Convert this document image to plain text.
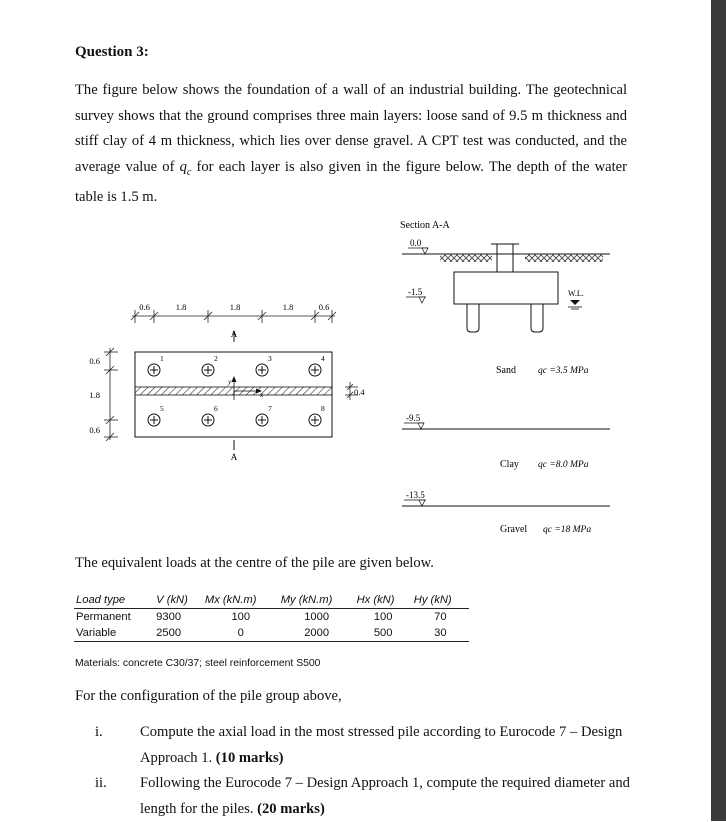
Question 3:

The figure below shows the foundation of a wall of an industrial building. The geotechnical survey shows that the ground comprises three main layers: loose sand of 9.5 m thickness and stiff clay of 4 m thickness, which lies over dense gravel. A CPT test was conducted, and the average value of $q_c$ for each layer is also given in the figure below. The depth of the water table is 1.5 m.

0.6	1.8	1.8	1.8	0.6
0.6
1.8
0.6
A
A
y
x	0.4
1	2	3	4
5	6	7	8
Section A-A
0.0
-1.5	W.L.
Sand qc =3.5 MPa
-9.5
Clay qc =8.0 MPa
-13.5
Gravel qc =18 MPa

The equivalent loads at the centre of the pile are given below.

Load type	V (kN)	Mx (kN.m)	My (kN.m)	Hx (kN)	Hy (kN)
Permanent	9300	100	1000	100	70
Variable	2500	0	2000	500	30

Materials: concrete C30/37; steel reinforcement S500

For the configuration of the pile group above,

i.	Compute the axial load in the most stressed pile according to Eurocode 7 – Design Approach 1. (10 marks)
ii. Following the Eurocode 7 – Design Approach 1, compute the required diameter and length for the piles. (20 marks)
